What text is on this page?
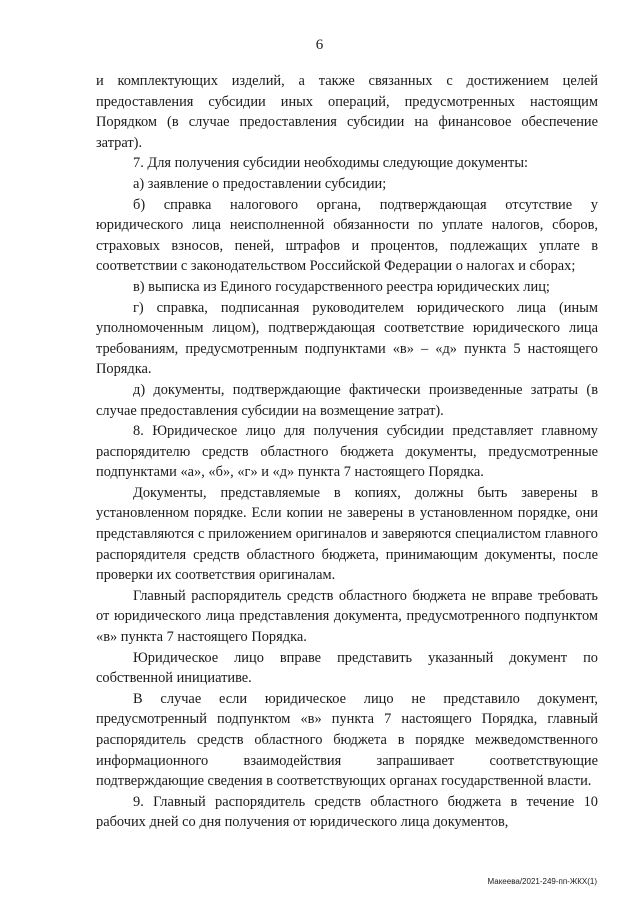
6

и комплектующих изделий, а также связанных с достижением целей предоставления субсидии иных операций, предусмотренных настоящим Порядком (в случае предоставления субсидии на финансовое обеспечение затрат).

7. Для получения субсидии необходимы следующие документы:

а) заявление о предоставлении субсидии;

б) справка налогового органа, подтверждающая отсутствие у юридического лица неисполненной обязанности по уплате налогов, сборов, страховых взносов, пеней, штрафов и процентов, подлежащих уплате в соответствии с законодательством Российской Федерации о налогах и сборах;

в) выписка из Единого государственного реестра юридических лиц;

г) справка, подписанная руководителем юридического лица (иным уполномоченным лицом), подтверждающая соответствие юридического лица требованиям, предусмотренным подпунктами «в» – «д» пункта 5 настоящего Порядка.

д) документы, подтверждающие фактически произведенные затраты (в случае предоставления субсидии на возмещение затрат).

8. Юридическое лицо для получения субсидии представляет главному распорядителю средств областного бюджета документы, предусмотренные подпунктами «а», «б», «г» и «д» пункта 7 настоящего Порядка.

Документы, представляемые в копиях, должны быть заверены в установленном порядке. Если копии не заверены в установленном порядке, они представляются с приложением оригиналов и заверяются специалистом главного распорядителя средств областного бюджета, принимающим документы, после проверки их соответствия оригиналам.

Главный распорядитель средств областного бюджета не вправе требовать от юридического лица представления документа, предусмотренного подпунктом «в» пункта 7 настоящего Порядка.

Юридическое лицо вправе представить указанный документ по собственной инициативе.

В случае если юридическое лицо не представило документ, предусмотренный подпунктом «в» пункта 7 настоящего Порядка, главный распорядитель средств областного бюджета в порядке межведомственного информационного взаимодействия запрашивает соответствующие подтверждающие сведения в соответствующих органах государственной власти.

9. Главный распорядитель средств областного бюджета в течение 10 рабочих дней со дня получения от юридического лица документов,

Макеева/2021-249-пп-ЖКХ(1)
